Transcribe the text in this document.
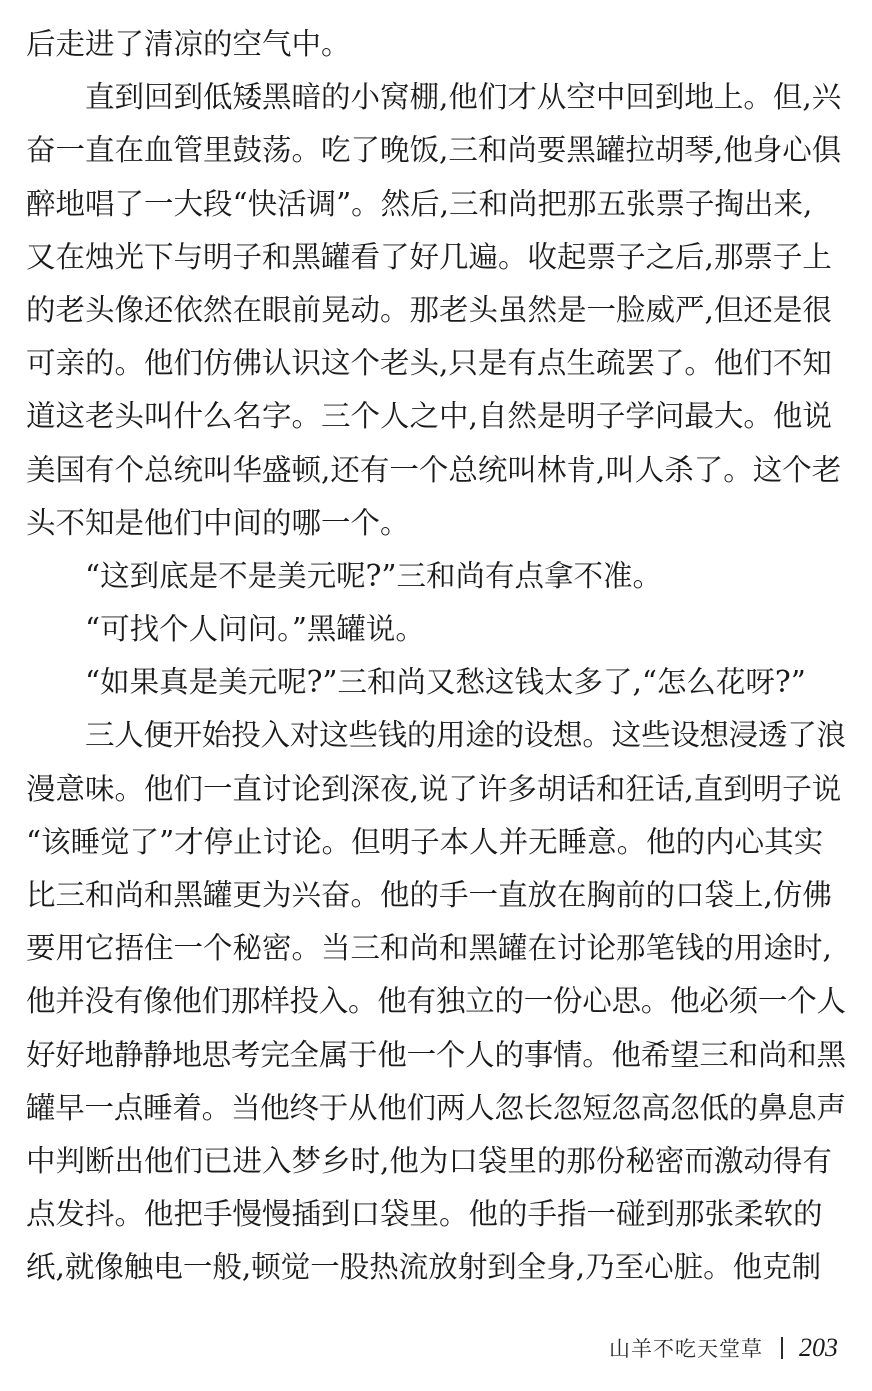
后走进了清凉的空气中。
直到回到低矮黑暗的小窝棚,他们才从空中回到地上。但,兴
奋一直在血管里鼓荡。吃了晚饭,三和尚要黑罐拉胡琴,他身心俱
醉地唱了一大段“快活调”。然后,三和尚把那五张票子掏出来,
又在烛光下与明子和黑罐看了好几遍。收起票子之后,那票子上
的老头像还依然在眼前晃动。那老头虽然是一脸威严,但还是很
可亲的。他们仿佛认识这个老头,只是有点生疏罢了。他们不知
道这老头叫什么名字。三个人之中,自然是明子学问最大。他说
美国有个总统叫华盛顿,还有一个总统叫林肯,叫人杀了。这个老
头不知是他们中间的哪一个。
“这到底是不是美元呢?”三和尚有点拿不准。
“可找个人问问。”黑罐说。
“如果真是美元呢?”三和尚又愁这钱太多了,“怎么花呀?”
三人便开始投入对这些钱的用途的设想。这些设想浸透了浪
漫意味。他们一直讨论到深夜,说了许多胡话和狂话,直到明子说
“该睡觉了”才停止讨论。但明子本人并无睡意。他的内心其实
比三和尚和黑罐更为兴奋。他的手一直放在胸前的口袋上,仿佛
要用它捂住一个秘密。当三和尚和黑罐在讨论那笔钱的用途时,
他并没有像他们那样投入。他有独立的一份心思。他必须一个人
好好地静静地思考完全属于他一个人的事情。他希望三和尚和黑
罐早一点睡着。当他终于从他们两人忽长忽短忽高忽低的鼻息声
中判断出他们已进入梦乡时,他为口袋里的那份秘密而激动得有
点发抖。他把手慢慢插到口袋里。他的手指一碰到那张柔软的
纸,就像触电一般,顿觉一股热流放射到全身,乃至心脏。他克制
山羊不吃天堂草 203
